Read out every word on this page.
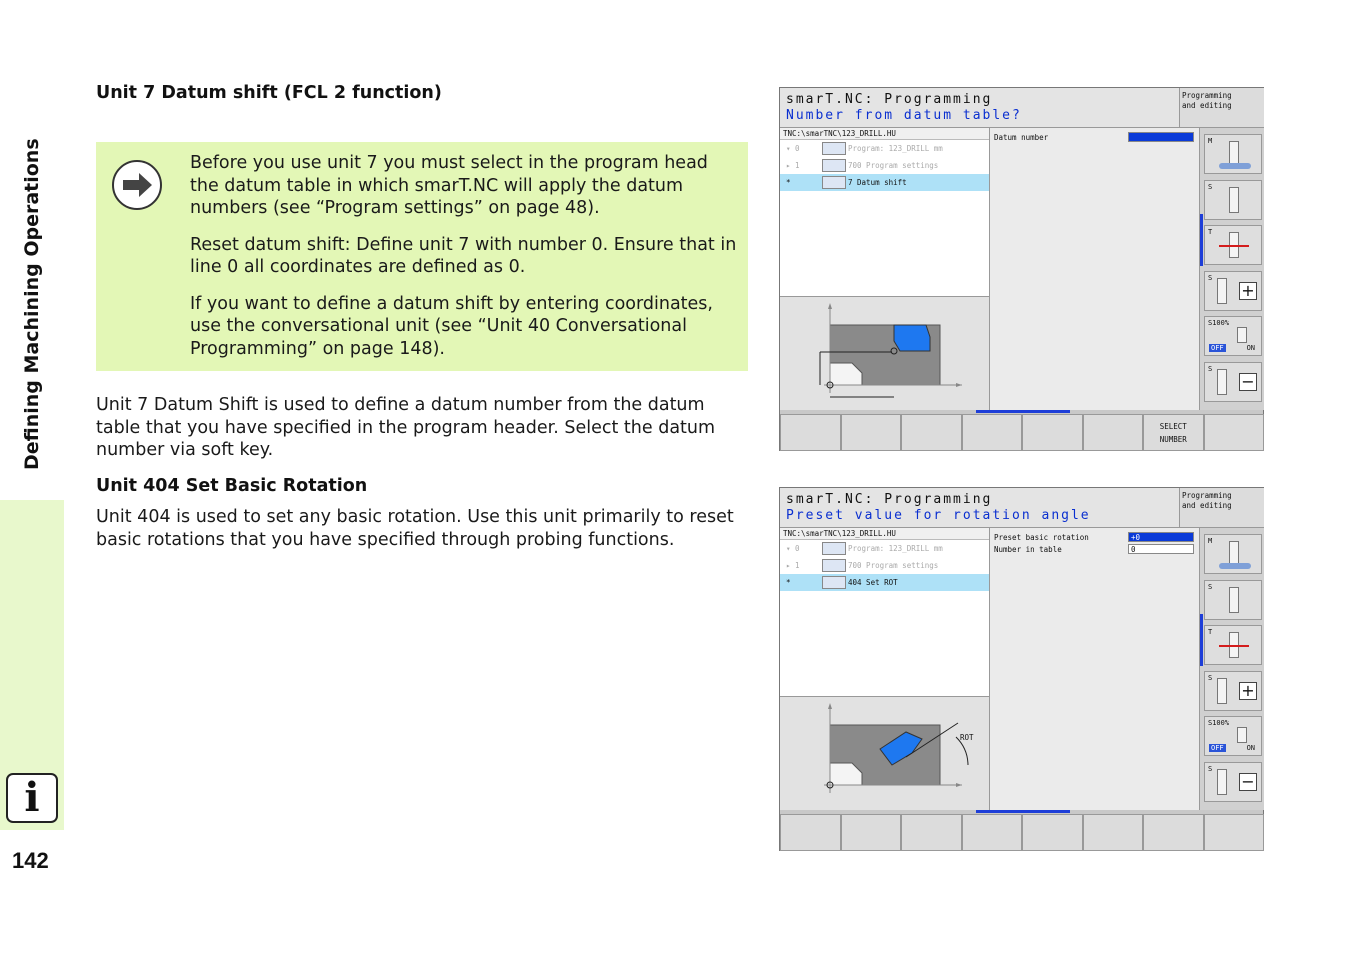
Defining Machining Operations
i
142
Unit 7 Datum shift (FCL 2 function)

Before you use unit 7 you must select in the program head the datum table in which smarT.NC will apply the datum numbers (see “Program settings” on page 48).

Reset datum shift: Define unit 7 with number 0. Ensure that in line 0 all coordinates are defined as 0.

If you want to define a datum shift by entering coordinates, use the conversational unit (see “Unit 40 Conversational Programming” on page 148).

Unit 7 Datum Shift is used to define a datum number from the datum table that you have specified in the program header. Select the datum number via soft key.

Unit 404 Set Basic Rotation

Unit 404 is used to set any basic rotation. Use this unit primarily to reset basic rotations that you have specified through probing functions.

smarT.NC: Programming
Number from datum table?
Programming
and editing
TNC:\smarTNC\123_DRILL.HU
▾ 0	Program: 123_DRILL mm
▸ 1	700 Program settings
*	7 Datum shift
Datum number	M
S
T
S
+
S100%
OFF	ON
S
−
SELECT
NUMBER
smarT.NC: Programming
Preset value for rotation angle
Programming
and editing
TNC:\smarTNC\123_DRILL.HU
▾ 0	Program: 123_DRILL mm
▸ 1	700 Program settings
*	404 Set ROT
ROT
Preset basic rotation	+0
Number in table	0
M
S
T
S
+
S100%
OFF	ON
S
−
